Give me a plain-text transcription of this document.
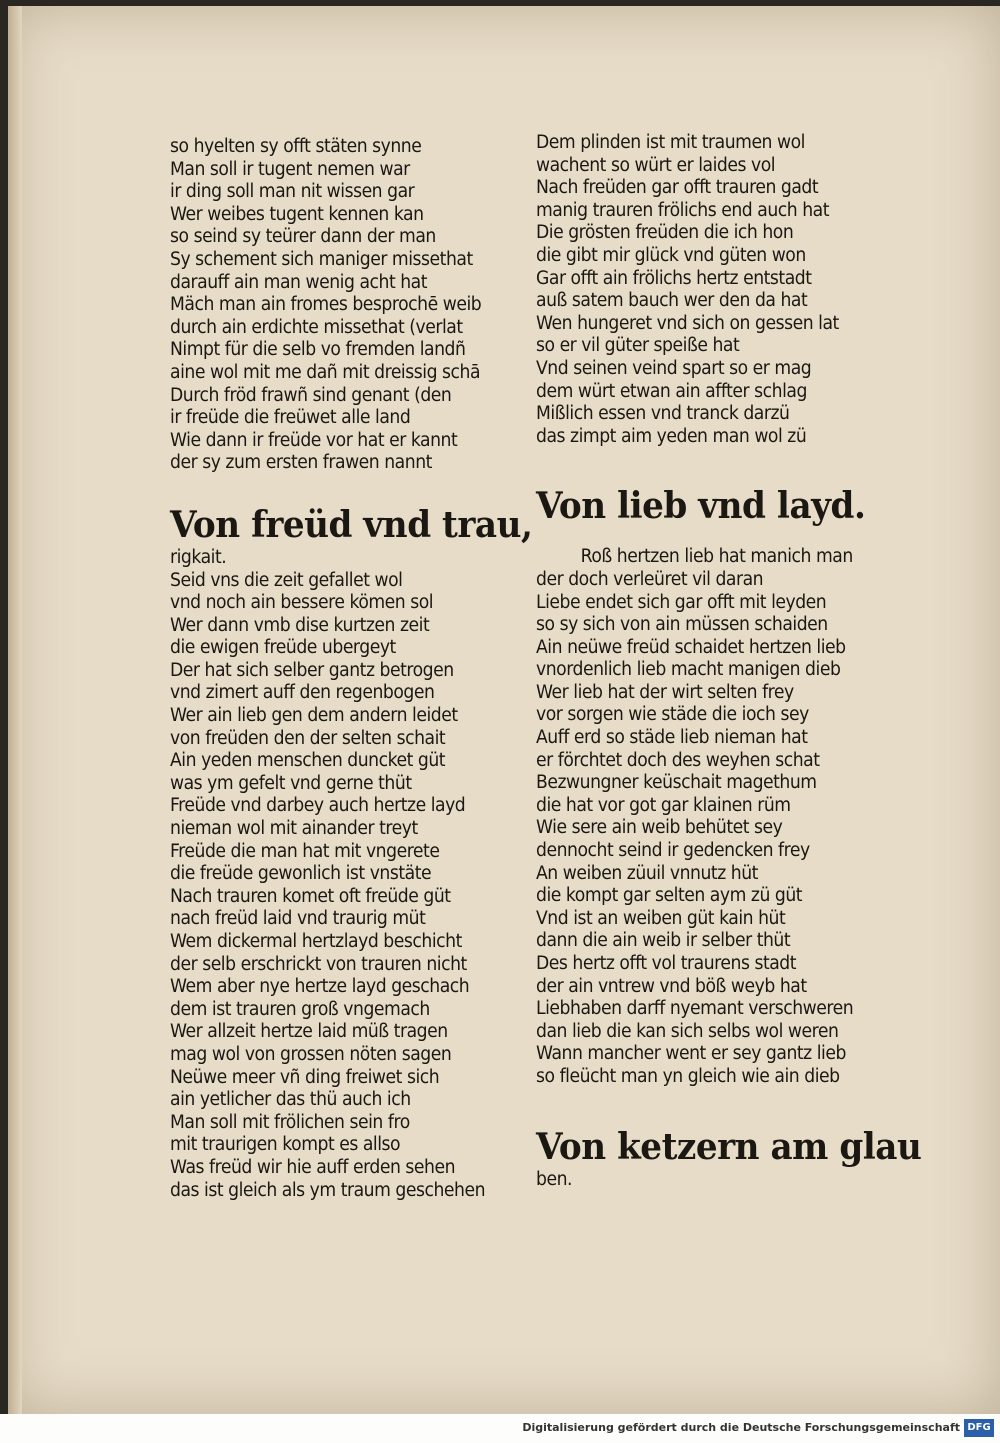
so hyelten sy offt stäten synne
Man soll ir tugent nemen war
ir ding soll man nit wissen gar
Wer weibes tugent kennen kan
so seind sy teürer dann der man
Sy schement sich maniger missethat
darauff ain man wenig acht hat
Mäch man ain fromes besprochē weib
durch ain erdichte missethat (verlat
Nimpt für die selb vo fremden landñ
aine wol mit me dañ mit dreissig schā
Durch fröd frawñ sind genant (den
ir freüde die freüwet alle land
Wie dann ir freüde vor hat er kannt
der sy zum ersten frawen nannt
Von freüd vnd trau,
rigkait.
Seid vns die zeit gefallet wol
vnd noch ain bessere kömen sol
Wer dann vmb dise kurtzen zeit
die ewigen freüde ubergeyt
Der hat sich selber gantz betrogen
vnd zimert auff den regenbogen
Wer ain lieb gen dem andern leidet
von freüden den der selten schait
Ain yeden menschen duncket güt
was ym gefelt vnd gerne thüt
Freüde vnd darbey auch hertze layd
nieman wol mit ainander treyt
Freüde die man hat mit vngerete
die freüde gewonlich ist vnstäte
Nach trauren komet oft freüde güt
nach freüd laid vnd traurig müt
Wem dickermal hertzlayd beschicht
der selb erschrickt von trauren nicht
Wem aber nye hertze layd geschach
dem ist trauren groß vngemach
Wer allzeit hertze laid müß tragen
mag wol von grossen nöten sagen
Neüwe meer vñ ding freiwet sich
ain yetlicher das thü auch ich
Man soll mit frölichen sein fro
mit traurigen kompt es allso
Was freüd wir hie auff erden sehen
das ist gleich als ym traum geschehen
Dem plinden ist mit traumen wol
wachent so würt er laides vol
Nach freüden gar offt trauren gadt
manig trauren frölichs end auch hat
Die grösten freüden die ich hon
die gibt mir glück vnd güten won
Gar offt ain frölichs hertz entstadt
auß satem bauch wer den da hat
Wen hungeret vnd sich on gessen lat
so er vil güter speiße hat
Vnd seinen veind spart so er mag
dem würt etwan ain affter schlag
Mißlich essen vnd tranck darzü
das zimpt aim yeden man wol zü
Von lieb vnd layd.
Roß hertzen lieb hat manich man
der doch verleüret vil daran
Liebe endet sich gar offt mit leyden
so sy sich von ain müssen schaiden
Ain neüwe freüd schaidet hertzen lieb
vnordenlich lieb macht manigen dieb
Wer lieb hat der wirt selten frey
vor sorgen wie städe die ioch sey
Auff erd so städe lieb nieman hat
er förchtet doch des weyhen schat
Bezwungner keüschait magethum
die hat vor got gar klainen rüm
Wie sere ain weib behütet sey
dennocht seind ir gedencken frey
An weiben züuil vnnutz hüt
die kompt gar selten aym zü güt
Vnd ist an weiben güt kain hüt
dann die ain weib ir selber thüt
Des hertz offt vol traurens stadt
der ain vntrew vnd böß weyb hat
Liebhaben darff nyemant verschweren
dan lieb die kan sich selbs wol weren
Wann mancher went er sey gantz lieb
so fleücht man yn gleich wie ain dieb
Von ketzern am glau
ben.
Digitalisierung gefördert durch die Deutsche Forschungsgemeinschaft DFG
